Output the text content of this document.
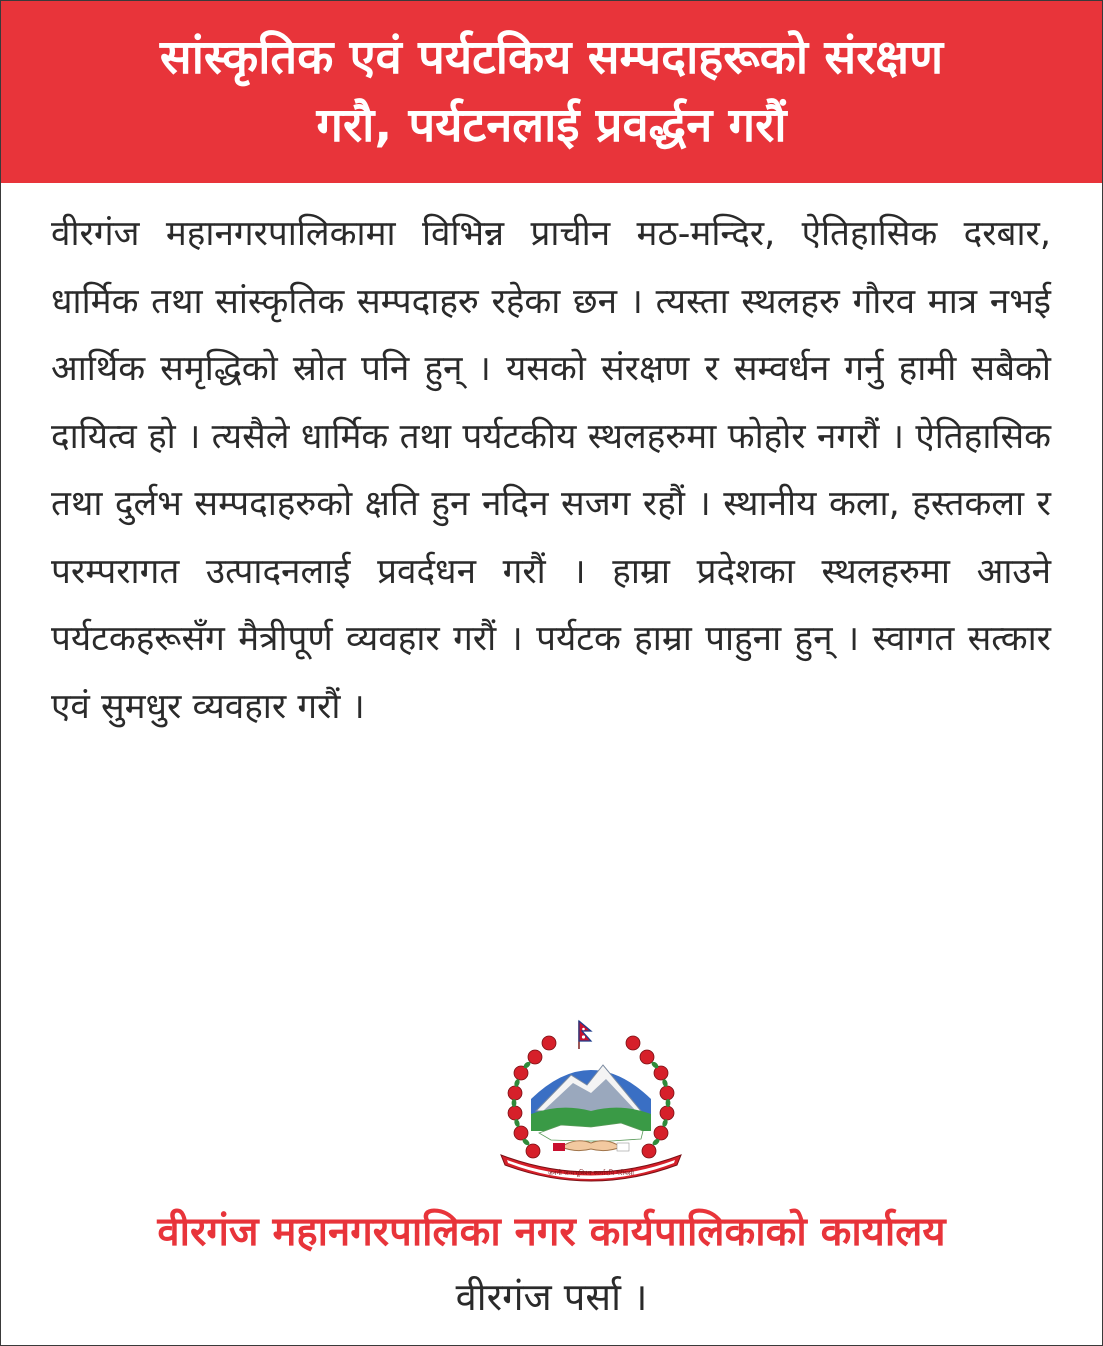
सांस्कृतिक एवं पर्यटकिय सम्पदाहरूको संरक्षण
गरौ, पर्यटनलाई प्रवर्द्धन गरौं
वीरगंज महानगरपालिकामा विभिन्न प्राचीन मठ-मन्दिर, ऐतिहासिक दरबार, धार्मिक तथा सांस्कृतिक सम्पदाहरु रहेका छन । त्यस्ता स्थलहरु गौरव मात्र नभई आर्थिक समृद्धिको स्रोत पनि हुन् । यसको संरक्षण र सम्वर्धन गर्नु हामी सबैको दायित्व हो । त्यसैले धार्मिक तथा पर्यटकीय स्थलहरुमा फोहोर नगरौं । ऐतिहासिक तथा दुर्लभ सम्पदाहरुको क्षति हुन नदिन सजग रहौं । स्थानीय कला, हस्तकला र परम्परागत उत्पादनलाई प्रवर्दधन गरौं । हाम्रा प्रदेशका स्थलहरुमा आउने पर्यटकहरूसँग मैत्रीपूर्ण व्यवहार गरौं । पर्यटक हाम्रा पाहुना हुन् । स्वागत सत्कार एवं सुमधुर व्यवहार गरौं ।
जननी जन्मभूमिश्च स्वर्गादपि गरीयसी
वीरगंज महानगरपालिका नगर कार्यपालिकाको कार्यालय
वीरगंज पर्सा ।
